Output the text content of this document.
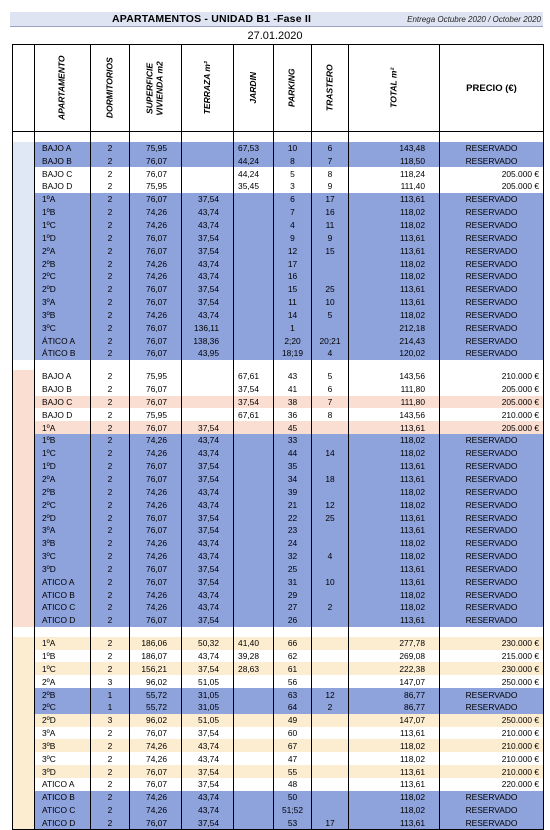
APARTAMENTOS - UNIDAD B1 -Fase II	Entrega Octubre 2020 / October 2020
27.01.2020

	APARTAMENTO	DORMITORIOS	SUPERFICIE
VIVIENDA m2	TERRAZA m²	JARDIN	PARKING	TRASTERO	TOTAL m²	PRECIO (€)

	BAJO A	2	75,95		67,53	10	6	143,48	RESERVADO
	BAJO B	2	76,07		44,24	8	7	118,50	RESERVADO
	BAJO C	2	76,07		44,24	5	8	118,24	205.000 €
	BAJO D	2	75,95		35,45	3	9	111,40	205.000 €
	1ºA	2	76,07	37,54		6	17	113,61	RESERVADO
	1ºB	2	74,26	43,74		7	16	118,02	RESERVADO
	1ºC	2	74,26	43,74		4	11	118,02	RESERVADO
	1ºD	2	76,07	37,54		9	9	113,61	RESERVADO
	2ºA	2	76,07	37,54		12	15	113,61	RESERVADO
	2ºB	2	74,26	43,74		17		118,02	RESERVADO
	2ºC	2	74,26	43,74		16		118,02	RESERVADO
	2ºD	2	76,07	37,54		15	25	113,61	RESERVADO
	3ºA	2	76,07	37,54		11	10	113,61	RESERVADO
	3ºB	2	74,26	43,74		14	5	118,02	RESERVADO
	3ºC	2	76,07	136,11		1		212,18	RESERVADO
	ÁTICO A	2	76,07	138,36		2;20	20;21	214,43	RESERVADO
	ÁTICO B	2	76,07	43,95		18;19	4	120,02	RESERVADO

	BAJO A	2	75,95		67,61	43	5	143,56	210.000 €
	BAJO B	2	76,07		37,54	41	6	111,80	205.000 €
	BAJO C	2	76,07		37,54	38	7	111,80	205.000 €
	BAJO D	2	75,95		67,61	36	8	143,56	210.000 €
	1ºA	2	76,07	37,54		45		113,61	205.000 €
	1ºB	2	74,26	43,74		33		118,02	RESERVADO
	1ºC	2	74,26	43,74		44	14	118,02	RESERVADO
	1ºD	2	76,07	37,54		35		113,61	RESERVADO
	2ºA	2	76,07	37,54		34	18	113,61	RESERVADO
	2ºB	2	74,26	43,74		39		118,02	RESERVADO
	2ºC	2	74,26	43,74		21	12	118,02	RESERVADO
	2ºD	2	76,07	37,54		22	25	113,61	RESERVADO
	3ºA	2	76,07	37,54		23		113,61	RESERVADO
	3ºB	2	74,26	43,74		24		118,02	RESERVADO
	3ºC	2	74,26	43,74		32	4	118,02	RESERVADO
	3ºD	2	76,07	37,54		25		113,61	RESERVADO
	ATICO A	2	76,07	37,54		31	10	113,61	RESERVADO
	ATICO B	2	74,26	43,74		29		118,02	RESERVADO
	ATICO C	2	74,26	43,74		27	2	118,02	RESERVADO
	ATICO D	2	76,07	37,54		26		113,61	RESERVADO

	1ºA	2	186,06	50,32	41,40	66		277,78	230.000 €
	1ºB	2	186,07	43,74	39,28	62		269,08	215.000 €
	1ºC	2	156,21	37,54	28,63	61		222,38	230.000 €
	2ºA	3	96,02	51,05		56		147,07	250.000 €
	2ºB	1	55,72	31,05		63	12	86,77	RESERVADO
	2ºC	1	55,72	31,05		64	2	86,77	RESERVADO
	2ºD	3	96,02	51,05		49		147,07	250.000 €
	3ºA	2	76,07	37,54		60		113,61	210.000 €
	3ºB	2	74,26	43,74		67		118,02	210.000 €
	3ºC	2	74,26	43,74		47		118,02	210.000 €
	3ºD	2	76,07	37,54		55		113,61	210.000 €
	ATICO A	2	76,07	37,54		48		113,61	220.000 €
	ATICO B	2	74,26	43,74		50		118,02	RESERVADO
	ATICO C	2	74,26	43,74		51;52		118,02	RESERVADO
	ATICO D	2	76,07	37,54		53	17	113,61	RESERVADO
